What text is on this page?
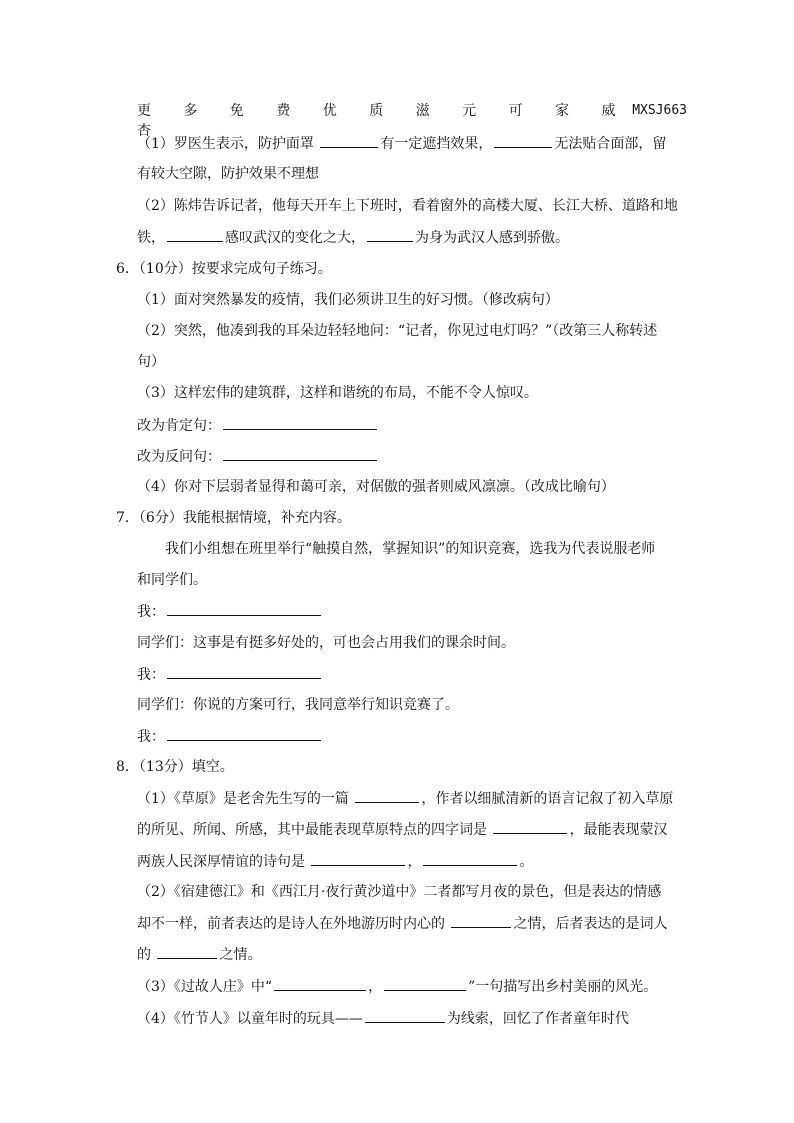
更 多 免 费 优 质 滋 元 可 家 威 杏
MXSJ663
（1）罗医生表示，防护面罩	有一定遮挡效果，	无法贴合面部，留
有较大空隙，防护效果不理想
（2）陈炜告诉记者，他每天开车上下班时，看着窗外的高楼大厦、长江大桥、道路和地
铁，	感叹武汉的变化之大，	为身为武汉人感到骄傲。
6．（10分）按要求完成句子练习。
（1）面对突然暴发的疫情，我们必须讲卫生的好习惯。（修改病句）
（2）突然，他凑到我的耳朵边轻轻地问：“记者，你见过电灯吗？”（改第三人称转述
句）
（3）这样宏伟的建筑群，这样和谐统的布局，不能不令人惊叹。
改为肯定句：
改为反问句：
（4）你对下层弱者显得和蔼可亲，对倨傲的强者则威风凛凛。（改成比喻句）
7．（6分）我能根据情境，补充内容。
我们小组想在班里举行“触摸自然，掌握知识”的知识竞赛，选我为代表说服老师
和同学们。
我：
同学们：这事是有挺多好处的，可也会占用我们的课余时间。
我：
同学们：你说的方案可行，我同意举行知识竞赛了。
我：
8．（13分）填空。
（1）《草原》是老舍先生写的一篇	，作者以细腻清新的语言记叙了初入草原
的所见、所闻、所感，其中最能表现草原特点的四字词是	，最能表现蒙汉
两族人民深厚情谊的诗句是	，	。
（2）《宿建德江》和《西江月·夜行黄沙道中》二者都写月夜的景色，但是表达的情感
却不一样，前者表达的是诗人在外地游历时内心的	之情，后者表达的是词人
的	之情。
（3）《过故人庄》中“	，	”一句描写出乡村美丽的风光。
（4）《竹节人》以童年时的玩具——	为线索，回忆了作者童年时代
